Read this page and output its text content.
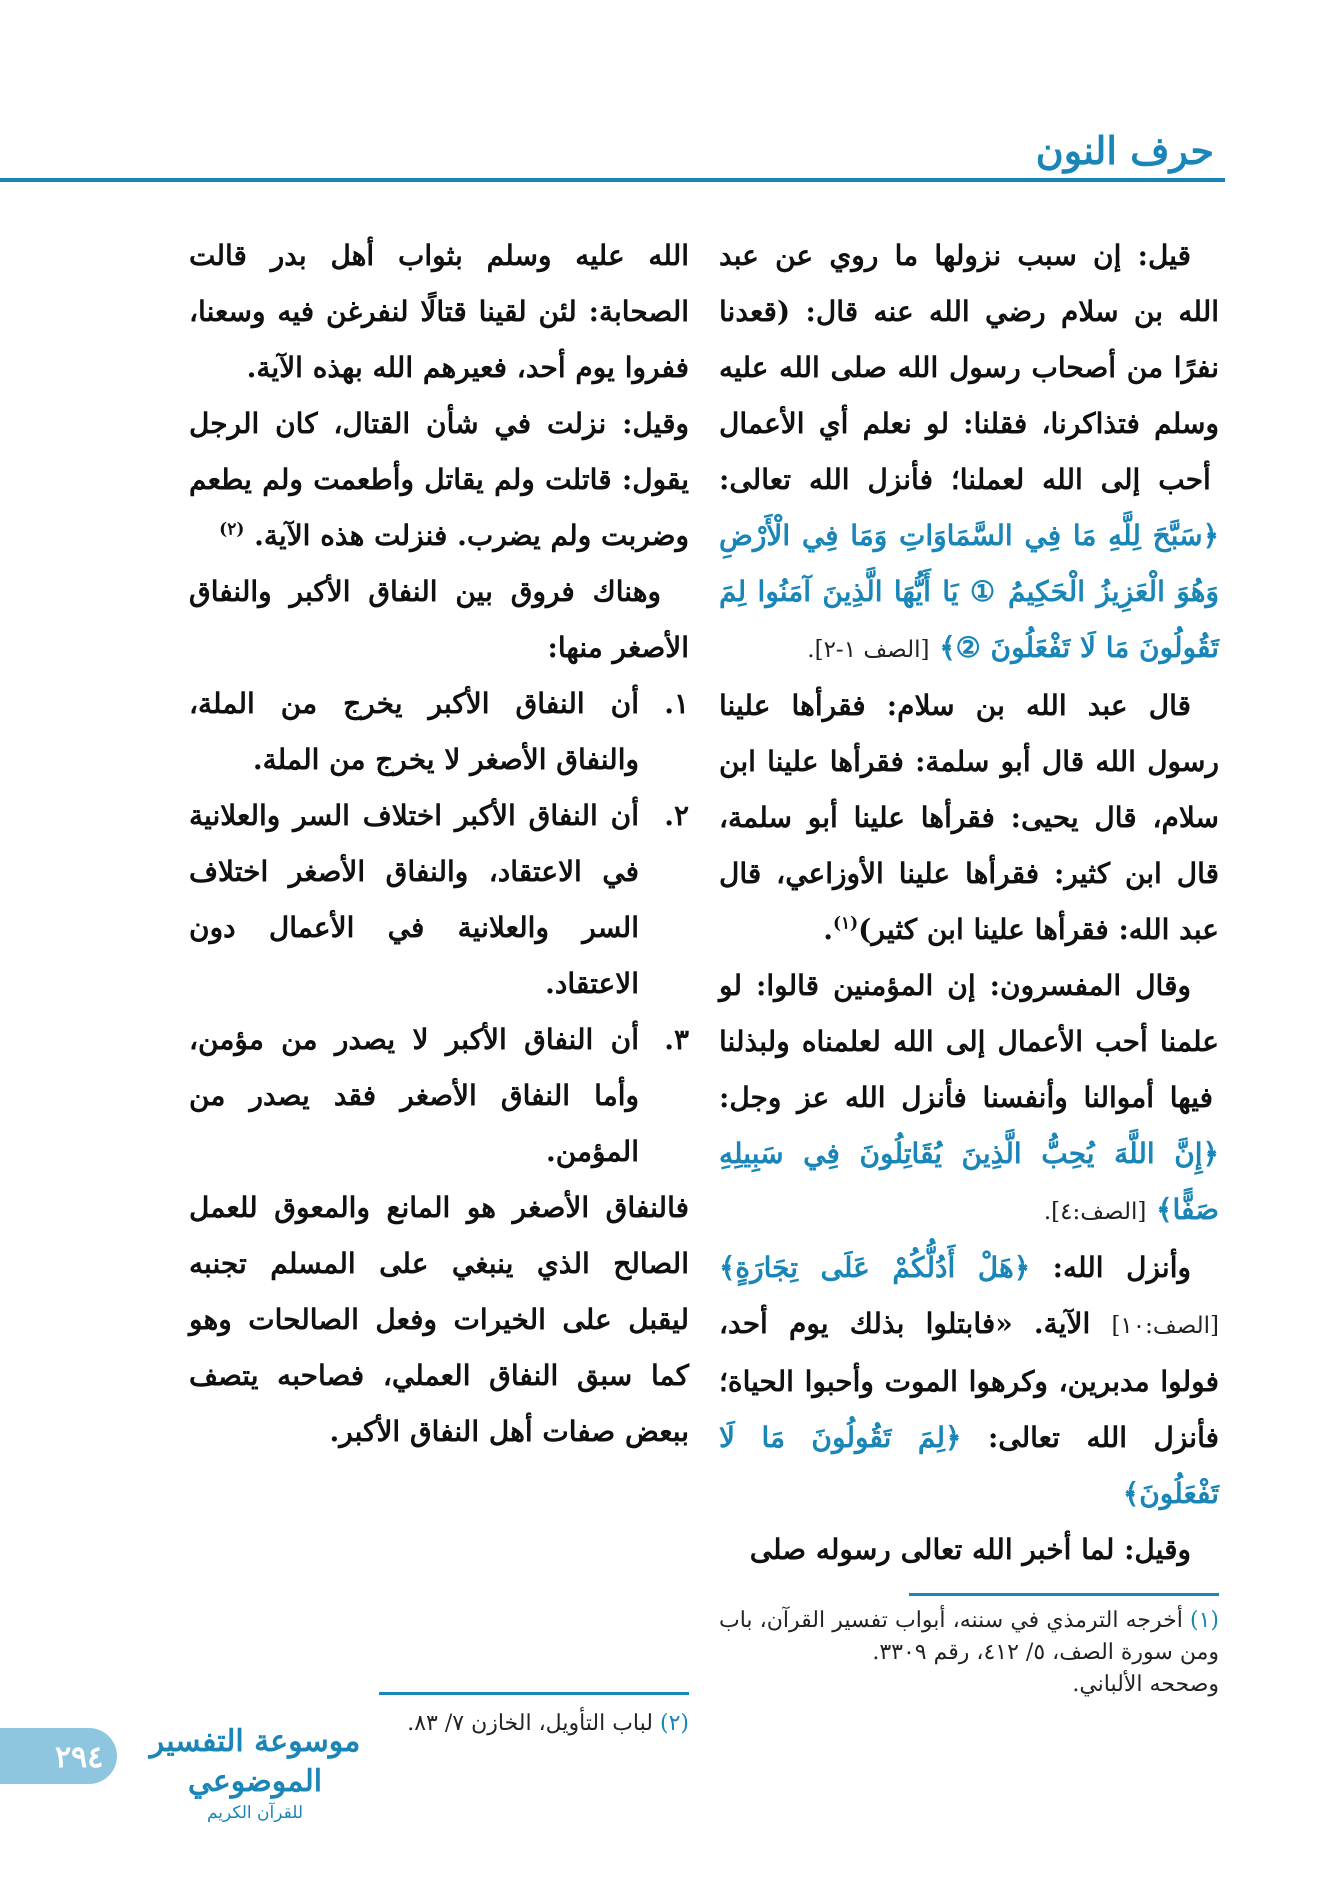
حرف النون

قيل: إن سبب نزولها ما روي عن عبد الله بن سلام رضي الله عنه قال: (قعدنا نفرًا من أصحاب رسول الله صلى الله عليه وسلم فتذاكرنا، فقلنا: لو نعلم أي الأعمال أحب إلى الله لعملنا؛ فأنزل الله تعالى: ﴿سَبَّحَ لِلَّهِ مَا فِي السَّمَاوَاتِ وَمَا فِي الْأَرْضِ وَهُوَ الْعَزِيزُ الْحَكِيمُ ① يَا أَيُّهَا الَّذِينَ آمَنُوا لِمَ تَقُولُونَ مَا لَا تَفْعَلُونَ ②﴾ [الصف ١-٢].

قال عبد الله بن سلام: فقرأها علينا رسول الله قال أبو سلمة: فقرأها علينا ابن سلام، قال يحيى: فقرأها علينا أبو سلمة، قال ابن كثير: فقرأها علينا الأوزاعي، قال عبد الله: فقرأها علينا ابن كثير)$^{(١)}$.

وقال المفسرون: إن المؤمنين قالوا: لو علمنا أحب الأعمال إلى الله لعلمناه ولبذلنا فيها أموالنا وأنفسنا فأنزل الله عز وجل: ﴿إِنَّ اللَّهَ يُحِبُّ الَّذِينَ يُقَاتِلُونَ فِي سَبِيلِهِ صَفًّا﴾ [الصف:٤].

وأنزل الله: ﴿هَلْ أَدُلُّكُمْ عَلَى تِجَارَةٍ﴾ [الصف:١٠] الآية. «فابتلوا بذلك يوم أحد، فولوا مدبرين، وكرهوا الموت وأحبوا الحياة؛ فأنزل الله تعالى: ﴿لِمَ تَقُولُونَ مَا لَا تَفْعَلُونَ﴾

وقيل: لما أخبر الله تعالى رسوله صلى

الله عليه وسلم بثواب أهل بدر قالت الصحابة: لئن لقينا قتالًا لنفرغن فيه وسعنا، ففروا يوم أحد، فعيرهم الله بهذه الآية.

وقيل: نزلت في شأن القتال، كان الرجل يقول: قاتلت ولم يقاتل وأطعمت ولم يطعم وضربت ولم يضرب. فنزلت هذه الآية. $^{(٢)}$

وهناك فروق بين النفاق الأكبر والنفاق الأصغر منها:

١.
أن النفاق الأكبر يخرج من الملة، والنفاق الأصغر لا يخرج من الملة.
٢.
أن النفاق الأكبر اختلاف السر والعلانية في الاعتقاد، والنفاق الأصغر اختلاف السر والعلانية في الأعمال دون الاعتقاد.
٣.
أن النفاق الأكبر لا يصدر من مؤمن، وأما النفاق الأصغر فقد يصدر من المؤمن.

فالنفاق الأصغر هو المانع والمعوق للعمل الصالح الذي ينبغي على المسلم تجنبه ليقبل على الخيرات وفعل الصالحات وهو كما سبق النفاق العملي، فصاحبه يتصف ببعض صفات أهل النفاق الأكبر.

(١) أخرجه الترمذي في سننه، أبواب تفسير القرآن، باب ومن سورة الصف، ٥/ ٤١٢، رقم ٣٣٠٩.
وصححه الألباني.
(٢) لباب التأويل، الخازن ٧/ ٨٣.
٢٩٤	موسوعة التفسير الموضوعي
للقرآن الكريم
